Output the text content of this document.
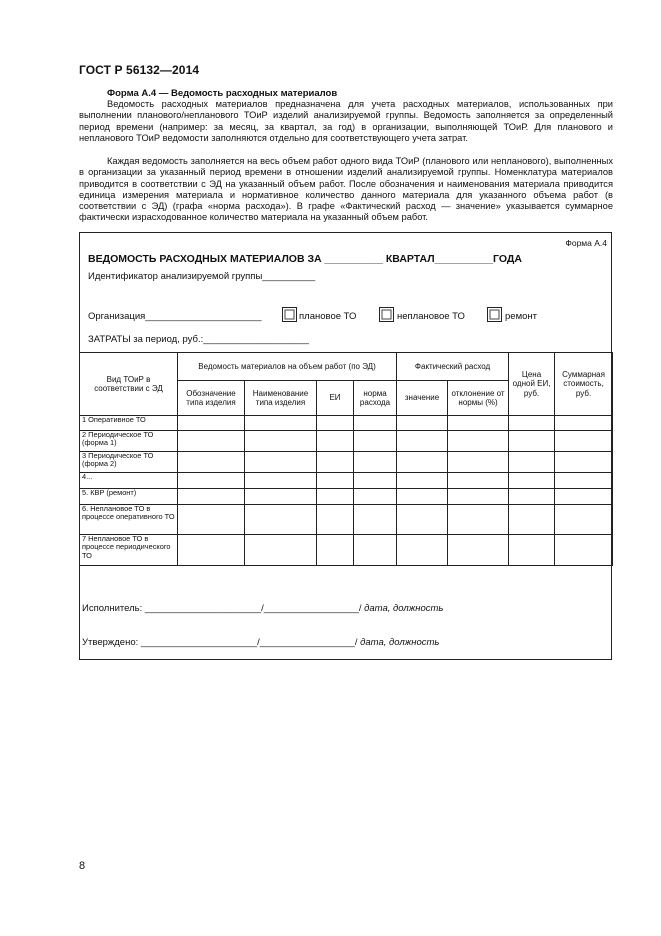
ГОСТ Р 56132—2014
Форма А.4 — Ведомость расходных материалов

Ведомость расходных материалов предназначена для учета расходных материалов, использованных при выполнении планового/непланового ТОиР изделий анализируемой группы. Ведомость заполняется за определенный период времени (например: за месяц, за квартал, за год) в организации, выполняющей ТОиР. Для планового и непланового ТОиР ведомости заполняются отдельно для соответствующего учета затрат.

Каждая ведомость заполняется на весь объем работ одного вида ТОиР (планового или непланового), выполненных в организации за указанный период времени в отношении изделий анализируемой группы. Номенклатура материалов приводится в соответствии с ЭД на указанный объем работ. После обозначения и наименования материала приводится единица измерения материала и нормативное количество данного материала для указанного объема работ (в соответствии с ЭД) (графа «норма расхода»). В графе «Фактический расход — значение» указывается суммарное фактически израсходованное количество материала на указанный объем работ.

Форма А.4
ВЕДОМОСТЬ РАСХОДНЫХ МАТЕРИАЛОВ ЗА __________ КВАРТАЛ__________ГОДА
Идентификатор анализируемой группы__________
Организация______________________	плановое ТО	неплановое ТО	ремонт
ЗАТРАТЫ за период, руб.:____________________
Вид ТОиР в соответствии с ЭД	Ведомость материалов на объем работ (по ЭД)				Фактический расход		Цена одной ЕИ, руб.	Суммарная стоимость, руб.
	Обозначение типа изделия	Наименование типа изделия	ЕИ	норма расхода	значение	отклонение от нормы (%)		
1 Оперативное ТО								
2 Периодическое ТО (форма 1)								
3 Периодическое ТО (форма 2)								
4...								
5. КВР (ремонт)								
6. Неплановое ТО в процессе оперативного ТО								
7 Неплановое ТО в процессе периодического ТО								
Исполнитель: ______________________/__________________/ дата, должность
Утверждено: ______________________/__________________/ дата, должность
8
